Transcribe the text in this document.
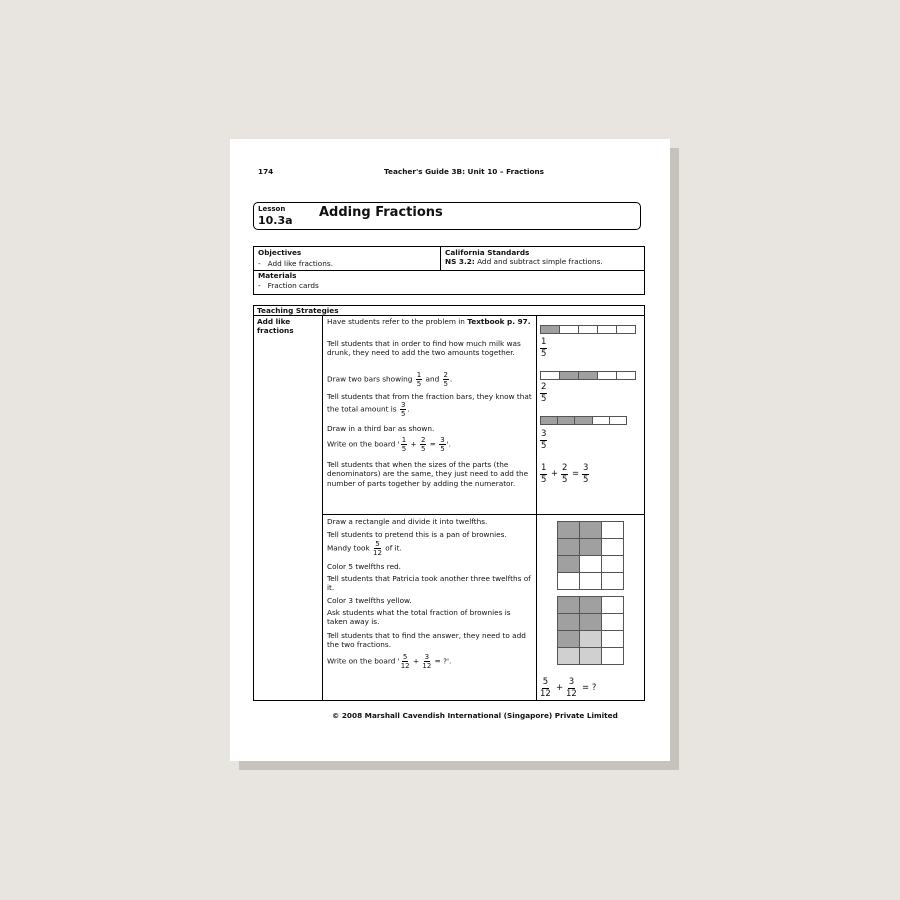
174	Teacher's Guide 3B: Unit 10 – Fractions
Lesson
10.3a
Adding Fractions
Objectives
-   Add like fractions.
California Standards
NS 3.2: Add and subtract simple fractions.
Materials
-   Fraction cards
Teaching Strategies
Add like fractions
Have students refer to the problem in Textbook p. 97.
Tell students that in order to find how much milk was drunk, they need to add the two amounts together.
Draw two bars showing $\frac{1}{5}$ and $\frac{2}{5}$ .
Tell students that from the fraction bars, they know that the total amount is $\frac{3}{5}$ .
Draw in a third bar as shown.
Write on the board ' $\frac{1}{5} + \frac{2}{5} = \frac{3}{5}$ '.
Tell students that when the sizes of the parts (the denominators) are the same, they just need to add the number of parts together by adding the numerator.
1
5
2
5
3
5
1
5
+
2
5
=
3
5
Draw a rectangle and divide it into twelfths.
Tell students to pretend this is a pan of brownies.
Mandy took $\frac{5}{12}$ of it.
Color 5 twelfths red.
Tell students that Patricia took another three twelfths of it.
Color 3 twelfths yellow.
Ask students what the total fraction of brownies is taken away is.
Tell students that to find the answer, they need to add the two fractions.
Write on the board ' $\frac{5}{12} + \frac{3}{12}$ = ?'.
5
12
+
3
12
= ?
© 2008 Marshall Cavendish International (Singapore) Private Limited
